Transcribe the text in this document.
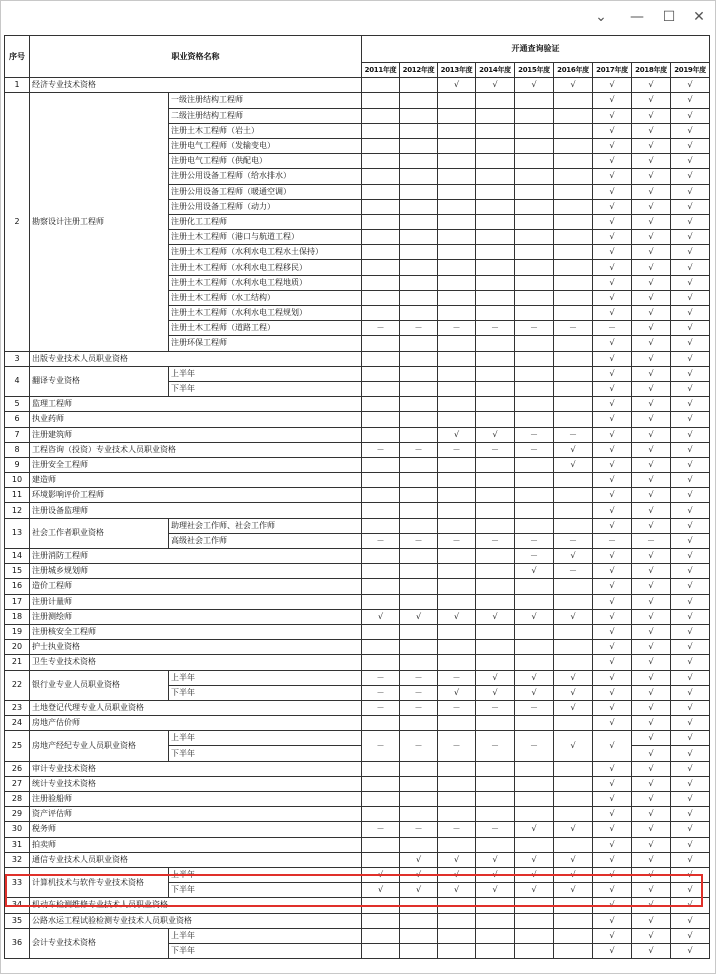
⌄ — ☐ ✕
序号	职业资格名称		开通查询验证								
			2011年度	2012年度	2013年度	2014年度	2015年度	2016年度	2017年度	2018年度	2019年度
1	经济专业技术资格				√	√	√	√	√	√	√
2	勘察设计注册工程师	一级注册结构工程师							√	√	√
		二级注册结构工程师							√	√	√
		注册土木工程师（岩土）							√	√	√
		注册电气工程师（发输变电）							√	√	√
		注册电气工程师（供配电）							√	√	√
		注册公用设备工程师（给水排水）							√	√	√
		注册公用设备工程师（暖通空调）							√	√	√
		注册公用设备工程师（动力）							√	√	√
		注册化工工程师							√	√	√
		注册土木工程师（港口与航道工程）							√	√	√
		注册土木工程师（水利水电工程水土保持）							√	√	√
		注册土木工程师（水利水电工程移民）							√	√	√
		注册土木工程师（水利水电工程地质）							√	√	√
		注册土木工程师（水工结构）							√	√	√
		注册土木工程师（水利水电工程规划）							√	√	√
		注册土木工程师（道路工程）	－	－	－	－	－	－	－	√	√
		注册环保工程师							√	√	√
3	出版专业技术人员职业资格								√	√	√
4	翻译专业资格	上半年							√	√	√
		下半年							√	√	√
5	监理工程师								√	√	√
6	执业药师								√	√	√
7	注册建筑师				√	√	－	－	√	√	√
8	工程咨询（投资）专业技术人员职业资格		－	－	－	－	－	√	√	√	√
9	注册安全工程师							√	√	√	√
10	建造师								√	√	√
11	环境影响评价工程师								√	√	√
12	注册设备监理师								√	√	√
13	社会工作者职业资格	助理社会工作师、社会工作师							√	√	√
		高级社会工作师	－	－	－	－	－	－	－	－	√
14	注册消防工程师						－	√	√	√	√
15	注册城乡规划师						√	－	√	√	√
16	造价工程师								√	√	√
17	注册计量师								√	√	√
18	注册测绘师		√	√	√	√	√	√	√	√	√
19	注册核安全工程师								√	√	√
20	护士执业资格								√	√	√
21	卫生专业技术资格								√	√	√
22	银行业专业人员职业资格	上半年	－	－	－	√	√	√	√	√	√
		下半年	－	－	√	√	√	√	√	√	√
23	土地登记代理专业人员职业资格		－	－	－	－	－	√	√	√	√
24	房地产估价师								√	√	√
25	房地产经纪专业人员职业资格	上半年	－	－	－	－	－	√	√	√	√
		下半年								√	√
26	审计专业技术资格								√	√	√
27	统计专业技术资格								√	√	√
28	注册验船师								√	√	√
29	资产评估师								√	√	√
30	税务师		－	－	－	－	√	√	√	√	√
31	拍卖师								√	√	√
32	通信专业技术人员职业资格			√	√	√	√	√	√	√	√
33	计算机技术与软件专业技术资格	上半年	√	√	√	√	√	√	√	√	√
		下半年	√	√	√	√	√	√	√	√	√
34	机动车检测维修专业技术人员职业资格								√	√	√
35	公路水运工程试验检测专业技术人员职业资格								√	√	√
36	会计专业技术资格	上半年							√	√	√
		下半年							√	√	√
